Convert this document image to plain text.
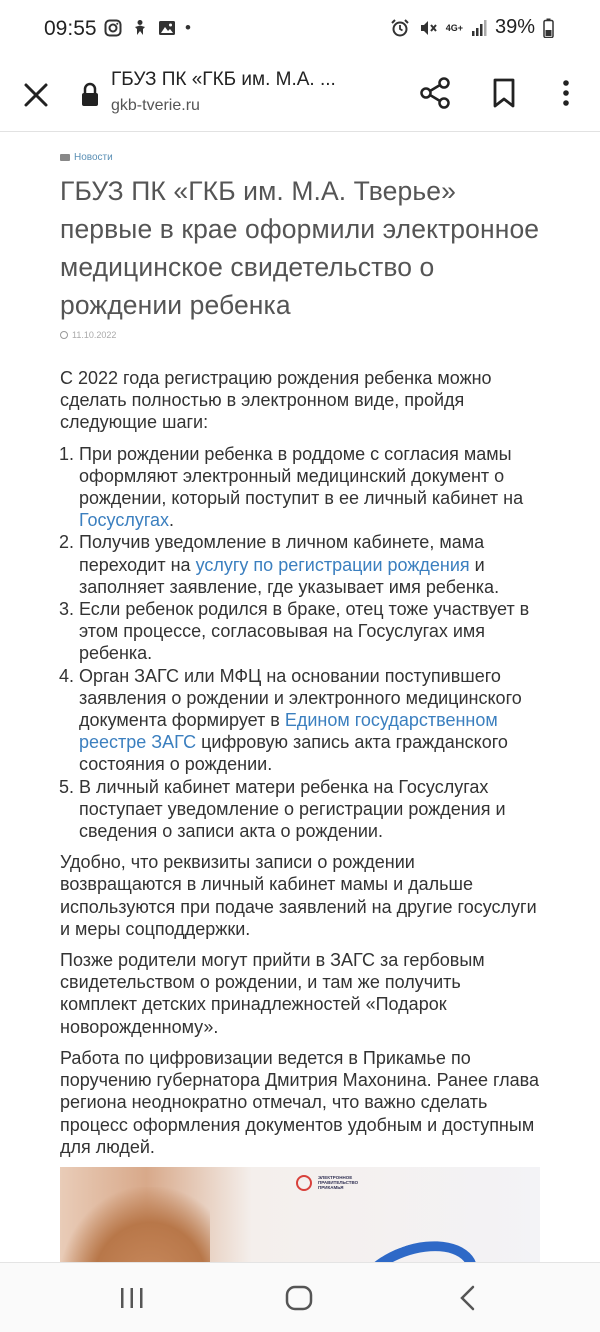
09:55	•	4G+ 39%
ГБУЗ ПК «ГКБ им. М.А. ...
gkb-tverie.ru
Новости
ГБУЗ ПК «ГКБ им. М.А. Тверье» первые в крае оформили электронное медицинское свидетельство о рождении ребенка
11.10.2022

С 2022 года регистрацию рождения ребенка можно сделать полностью в электронном виде, пройдя следующие шаги:

1. При рождении ребенка в роддоме с согласия мамы оформляют электронный медицинский документ о рождении, который поступит в ее личный кабинет на Госуслугах.
2. Получив уведомление в личном кабинете, мама переходит на услугу по регистрации рождения и заполняет заявление, где указывает имя ребенка.
3. Если ребенок родился в браке, отец тоже участвует в этом процессе, согласовывая на Госуслугах имя ребенка.
4. Орган ЗАГС или МФЦ на основании поступившего заявления о рождении и электронного медицинского документа формирует в Едином государственном реестре ЗАГС цифровую запись акта гражданского состояния о рождении.
5. В личный кабинет матери ребенка на Госуслугах поступает уведомление о регистрации рождения и сведения о записи акта о рождении.

Удобно, что реквизиты записи о рождении возвращаются в личный кабинет мамы и дальше используются при подаче заявлений на другие госуслуги и меры соцподдержки.

Позже родители могут прийти в ЗАГС за гербовым свидетельством о рождении, и там же получить комплект детских принадлежностей «Подарок новорожденному».

Работа по цифровизации ведется в Прикамье по поручению губернатора Дмитрия Махонина. Ранее глава региона неоднократно отмечал, что важно сделать процесс оформления документов удобным и доступным для людей.

ЭЛЕКТРОННОЕ ПРАВИТЕЛЬСТВО ПРИКАМЬЯ
